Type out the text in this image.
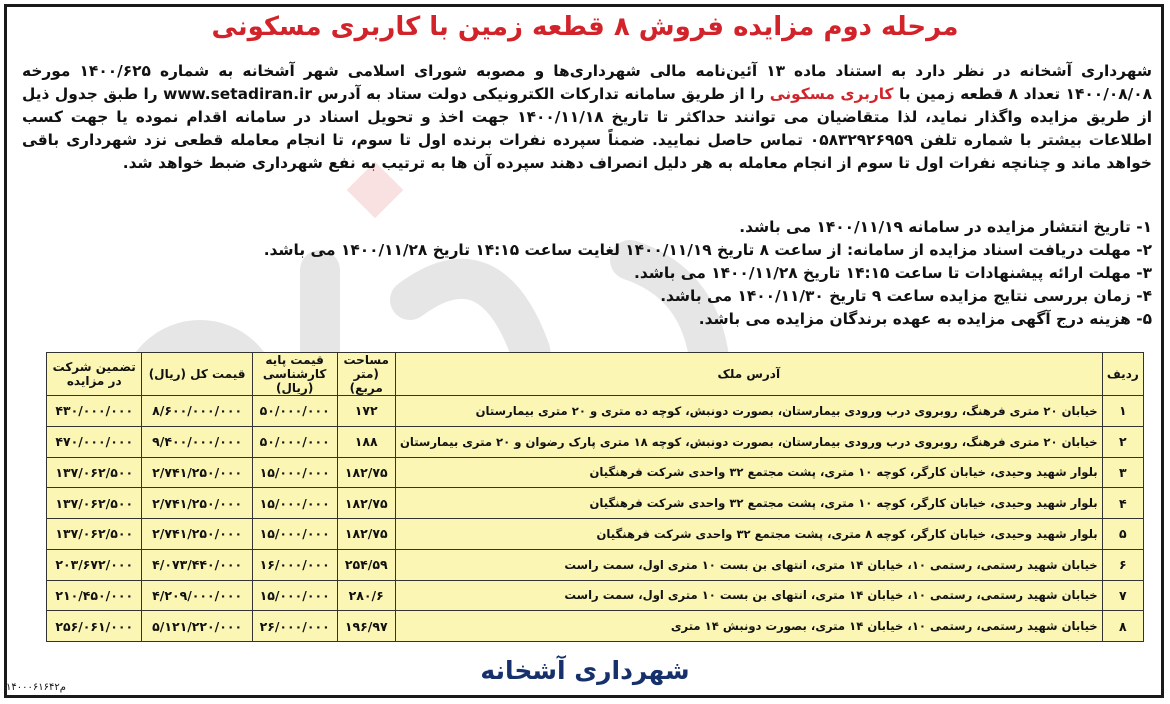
مرحله دوم مزایده فروش ۸ قطعه زمین با کاربری مسکونی
شهرداری آشخانه در نظر دارد به استناد ماده ۱۳ آئین‌نامه مالی شهرداری‌ها و مصوبه شورای اسلامی شهر آشخانه به شماره ۱۴۰۰/۶۲۵ مورخه ۱۴۰۰/۰۸/۰۸ تعداد ۸ قطعه زمین با کاربری مسکونی را از طریق سامانه تدارکات الکترونیکی دولت ستاد به آدرس www.setadiran.ir را طبق جدول ذیل از طریق مزایده واگذار نماید، لذا متقاضیان می توانند حداکثر تا تاریخ ۱۴۰۰/۱۱/۱۸ جهت اخذ و تحویل اسناد در سامانه اقدام نموده یا جهت کسب اطلاعات بیشتر با شماره تلفن ۰۵۸۳۲۹۲۶۹۵۹ تماس حاصل نمایید. ضمناً سپرده نفرات برنده اول تا سوم، تا انجام معامله قطعی نزد شهرداری باقی خواهد ماند و چنانچه نفرات اول تا سوم از انجام معامله به هر دلیل انصراف دهند سپرده آن ها به ترتیب به نفع شهرداری ضبط خواهد شد.
۱- تاریخ انتشار مزایده در سامانه ۱۴۰۰/۱۱/۱۹ می باشد.
۲- مهلت دریافت اسناد مزایده از سامانه: از ساعت ۸ تاریخ ۱۴۰۰/۱۱/۱۹ لغایت ساعت ۱۴:۱۵ تاریخ ۱۴۰۰/۱۱/۲۸ می باشد.
۳- مهلت ارائه پیشنهادات تا ساعت ۱۴:۱۵ تاریخ ۱۴۰۰/۱۱/۲۸ می باشد.
۴- زمان بررسی نتایج مزایده ساعت ۹ تاریخ ۱۴۰۰/۱۱/۳۰ می باشد.
۵- هزینه درج آگهی مزایده به عهده برندگان مزایده می باشد.
ردیف	آدرس ملک	مساحت (متر مربع)	قیمت پایه کارشناسی (ریال)	قیمت کل (ریال)	تضمین شرکت در مزایده
۱	خیابان ۲۰ متری فرهنگ، روبروی درب ورودی بیمارستان، بصورت دونبش، کوچه ده متری و ۲۰ متری بیمارستان	۱۷۲	۵۰/۰۰۰/۰۰۰	۸/۶۰۰/۰۰۰/۰۰۰	۴۳۰/۰۰۰/۰۰۰
۲	خیابان ۲۰ متری فرهنگ، روبروی درب ورودی بیمارستان، بصورت دونبش، کوچه ۱۸ متری پارک رضوان و ۲۰ متری بیمارستان	۱۸۸	۵۰/۰۰۰/۰۰۰	۹/۴۰۰/۰۰۰/۰۰۰	۴۷۰/۰۰۰/۰۰۰
۳	بلوار شهید وحیدی، خیابان کارگر، کوچه ۱۰ متری، پشت مجتمع ۳۲ واحدی شرکت فرهنگیان	۱۸۲/۷۵	۱۵/۰۰۰/۰۰۰	۲/۷۴۱/۲۵۰/۰۰۰	۱۳۷/۰۶۲/۵۰۰
۴	بلوار شهید وحیدی، خیابان کارگر، کوچه ۱۰ متری، پشت مجتمع ۳۲ واحدی شرکت فرهنگیان	۱۸۲/۷۵	۱۵/۰۰۰/۰۰۰	۲/۷۴۱/۲۵۰/۰۰۰	۱۳۷/۰۶۲/۵۰۰
۵	بلوار شهید وحیدی، خیابان کارگر، کوچه ۸ متری، پشت مجتمع ۳۲ واحدی شرکت فرهنگیان	۱۸۲/۷۵	۱۵/۰۰۰/۰۰۰	۲/۷۴۱/۲۵۰/۰۰۰	۱۳۷/۰۶۲/۵۰۰
۶	خیابان شهید رستمی، رستمی ۱۰، خیابان ۱۴ متری، انتهای بن بست ۱۰ متری اول، سمت راست	۲۵۴/۵۹	۱۶/۰۰۰/۰۰۰	۴/۰۷۳/۴۴۰/۰۰۰	۲۰۳/۶۷۲/۰۰۰
۷	خیابان شهید رستمی، رستمی ۱۰، خیابان ۱۴ متری، انتهای بن بست ۱۰ متری اول، سمت راست	۲۸۰/۶	۱۵/۰۰۰/۰۰۰	۴/۲۰۹/۰۰۰/۰۰۰	۲۱۰/۴۵۰/۰۰۰
۸	خیابان شهید رستمی، رستمی ۱۰، خیابان ۱۴ متری، بصورت دونبش ۱۴ متری	۱۹۶/۹۷	۲۶/۰۰۰/۰۰۰	۵/۱۲۱/۲۲۰/۰۰۰	۲۵۶/۰۶۱/۰۰۰
شهرداری آشخانه
م۱۴۰۰۰۶۱۶۴۲
